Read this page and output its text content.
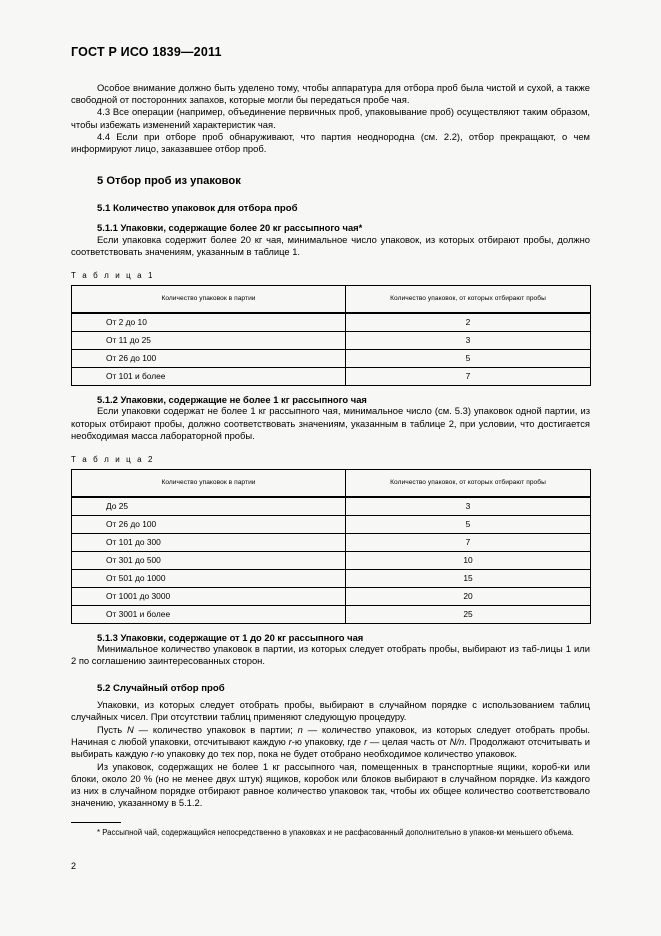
ГОСТ Р ИСО 1839—2011

Особое внимание должно быть уделено тому, чтобы аппаратура для отбора проб была чистой и сухой, а также свободной от посторонних запахов, которые могли бы передаться пробе чая.

4.3 Все операции (например, объединение первичных проб, упаковывание проб) осуществляют таким образом, чтобы избежать изменений характеристик чая.

4.4 Если при отборе проб обнаруживают, что партия неоднородна (см. 2.2), отбор прекращают, о чем информируют лицо, заказавшее отбор проб.

5 Отбор проб из упаковок
5.1 Количество упаковок для отбора проб
5.1.1 Упаковки, содержащие более 20 кг рассыпного чая*

Если упаковка содержит более 20 кг чая, минимальное число упаковок, из которых отбирают пробы, должно соответствовать значениям, указанным в таблице 1.

Т а б л и ц а 1
Количество упаковок в партии	Количество упаковок, от которых отбирают пробы
От 2 до 10	2
От 11 до 25	3
От 26 до 100	5
От 101 и более	7
5.1.2 Упаковки, содержащие не более 1 кг рассыпного чая

Если упаковки содержат не более 1 кг рассыпного чая, минимальное число (см. 5.3) упаковок одной партии, из которых отбирают пробы, должно соответствовать значениям, указанным в таблице 2, при условии, что достигается необходимая масса лабораторной пробы.

Т а б л и ц а 2
Количество упаковок в партии	Количество упаковок, от которых отбирают пробы
До 25	3
От 26 до 100	5
От 101 до 300	7
От 301 до 500	10
От 501 до 1000	15
От 1001 до 3000	20
От 3001 и более	25
5.1.3 Упаковки, содержащие от 1 до 20 кг рассыпного чая

Минимальное количество упаковок в партии, из которых следует отобрать пробы, выбирают из таб-лицы 1 или 2 по соглашению заинтересованных сторон.

5.2 Случайный отбор проб

Упаковки, из которых следует отобрать пробы, выбирают в случайном порядке с использованием таблиц случайных чисел. При отсутствии таблиц применяют следующую процедуру.

Пусть N — количество упаковок в партии; n — количество упаковок, из которых следует отобрать пробы. Начиная с любой упаковки, отсчитывают каждую r-ю упаковку, где r — целая часть от N/n. Продолжают отсчитывать и выбирать каждую r-ю упаковку до тех пор, пока не будет отобрано необходимое количество упаковок.

Из упаковок, содержащих не более 1 кг рассыпного чая, помещенных в транспортные ящики, короб-ки или блоки, около 20 % (но не менее двух штук) ящиков, коробок или блоков выбирают в случайном порядке. Из каждого из них в случайном порядке отбирают равное количество упаковок так, чтобы их общее количество соответствовало значению, указанному в 5.1.2.

* Рассыпной чай, содержащийся непосредственно в упаковках и не расфасованный дополнительно в упаков-ки меньшего объема.

2
